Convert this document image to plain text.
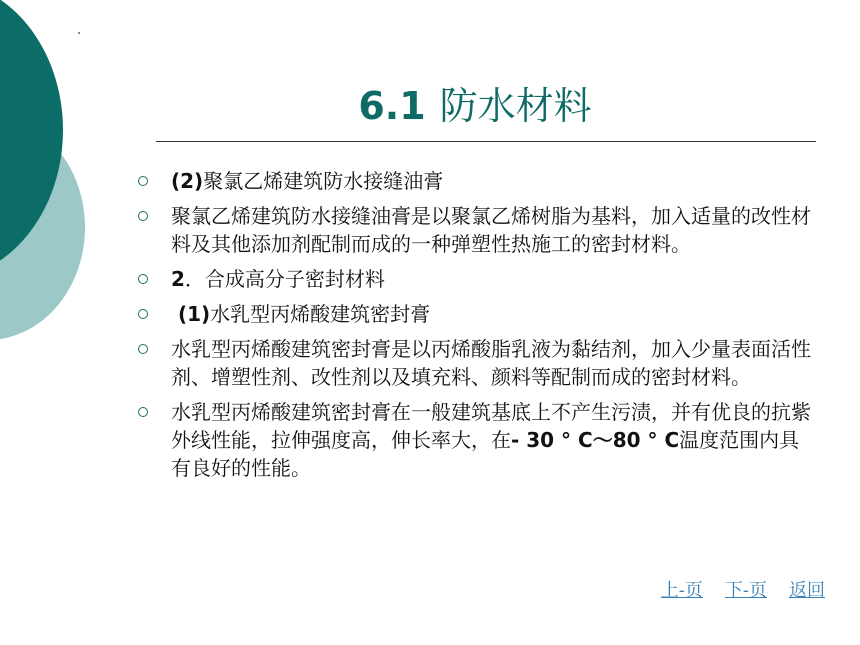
6.1 防水材料
(2)聚氯乙烯建筑防水接缝油膏
聚氯乙烯建筑防水接缝油膏是以聚氯乙烯树脂为基料，加入适量的改性材料及其他添加剂配制而成的一种弹塑性热施工的密封材料。
2．合成高分子密封材料
(1)水乳型丙烯酸建筑密封膏
水乳型丙烯酸建筑密封膏是以丙烯酸脂乳液为黏结剂，加入少量表面活性剂、增塑性剂、改性剂以及填充料、颜料等配制而成的密封材料。
水乳型丙烯酸建筑密封膏在一般建筑基底上不产生污渍，并有优良的抗紫外线性能，拉伸强度高，伸长率大，在- 30 ° C～80 ° C温度范围内具有良好的性能。
上-页 下-页 返回
